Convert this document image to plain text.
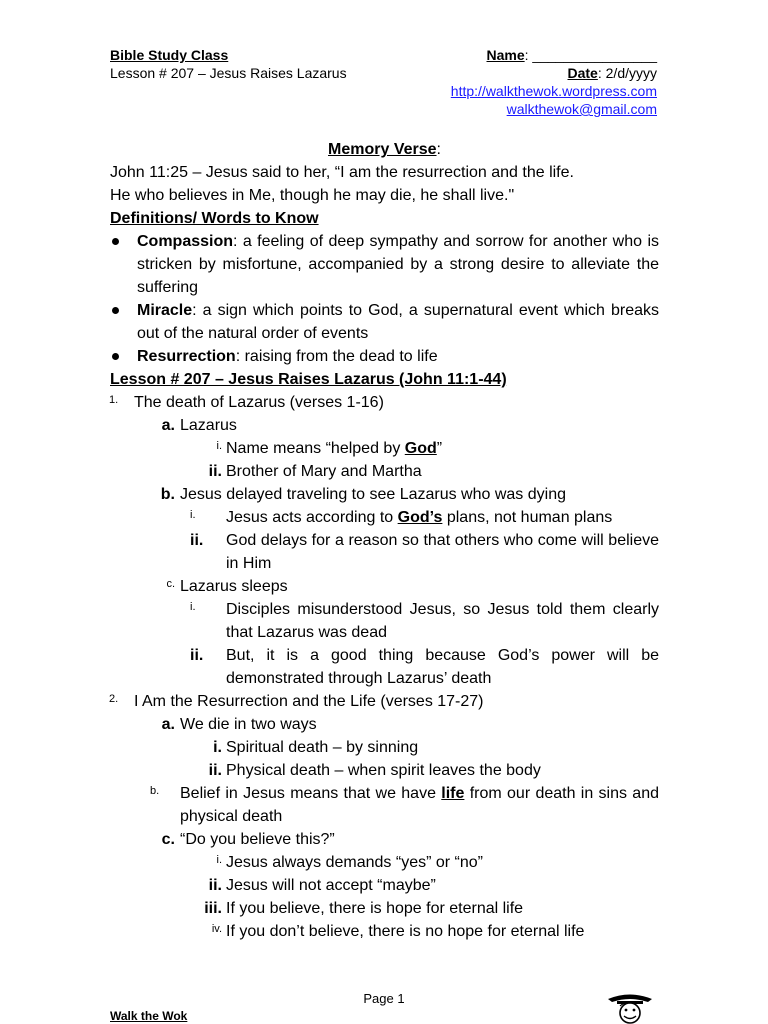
Bible Study Class
Lesson # 207 – Jesus Raises Lazarus
Name: ________________
Date: 2/d/yyyy
http://walkthewok.wordpress.com
walkthewok@gmail.com
Memory Verse:
John 11:25 – Jesus said to her, “I am the resurrection and the life.
He who believes in Me, though he may die, he shall live."
Definitions/ Words to Know
Compassion: a feeling of deep sympathy and sorrow for another who is stricken by misfortune, accompanied by a strong desire to alleviate the suffering
Miracle: a sign which points to God, a supernatural event which breaks out of the natural order of events
Resurrection: raising from the dead to life
Lesson # 207 – Jesus Raises Lazarus (John 11:1-44)
1. The death of Lazarus (verses 1-16)
a. Lazarus
i. Name means “helped by God”
ii. Brother of Mary and Martha
b. Jesus delayed traveling to see Lazarus who was dying
i.	Jesus acts according to God’s plans, not human plans
ii.	God delays for a reason so that others who come will believe in Him
c. Lazarus sleeps
i.	Disciples misunderstood Jesus, so Jesus told them clearly that Lazarus was dead
ii.	But, it is a good thing because God’s power will be demonstrated through Lazarus’ death
2. I Am the Resurrection and the Life (verses 17-27)
a. We die in two ways
i. Spiritual death – by sinning
ii. Physical death – when spirit leaves the body
b.	Belief in Jesus means that we have life from our death in sins and physical death
c. “Do you believe this?”
i. Jesus always demands “yes” or “no”
ii. Jesus will not accept “maybe”
iii. If you believe, there is hope for eternal life
iv. If you don’t believe, there is no hope for eternal life
Page 1
Walk the Wok
